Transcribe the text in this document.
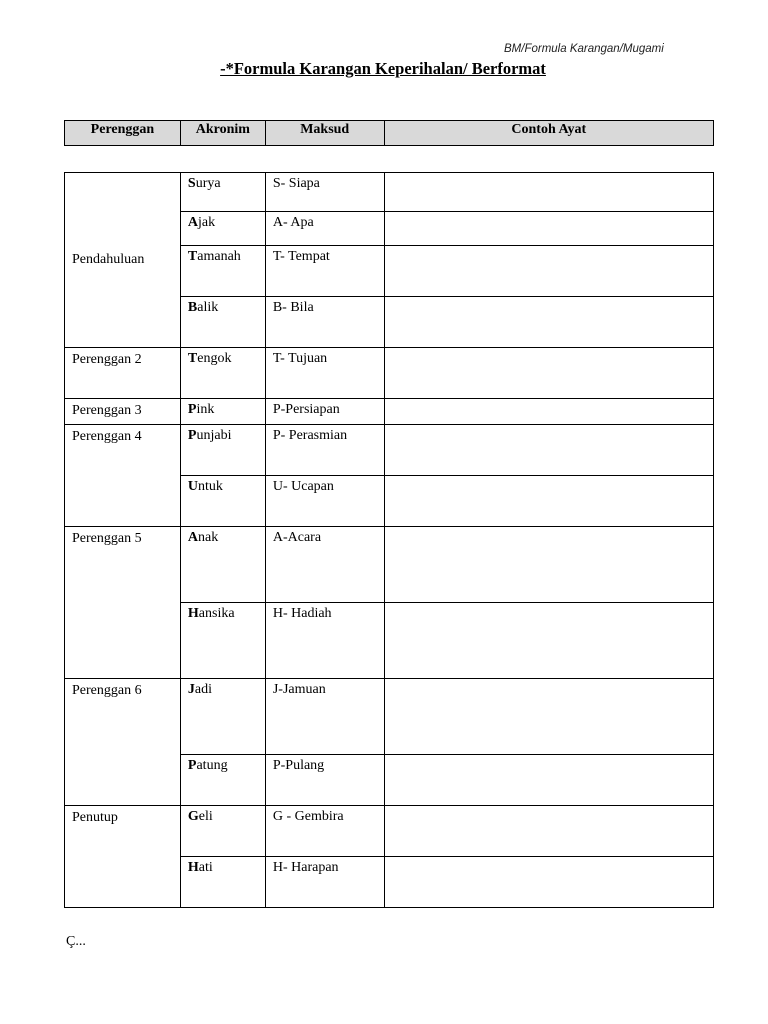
BM/Formula Karangan/Mugami
-*Formula Karangan Keperihalan/ Berformat
Perenggan	Akronim	Maksud	Contoh Ayat
Pendahuluan	Surya	S- Siapa	
	Ajak	A- Apa	
	Tamanah	T- Tempat	
	Balik	B- Bila	
Perenggan 2	Tengok	T- Tujuan	
Perenggan 3	Pink	P-Persiapan	
Perenggan 4	Punjabi	P- Perasmian	
	Untuk	U- Ucapan	
Perenggan 5	Anak	A-Acara	
	Hansika	H- Hadiah	
Perenggan 6	Jadi	J-Jamuan	
	Patung	P-Pulang	
Penutup	Geli	G - Gembira	
	Hati	H- Harapan	
Ç...
